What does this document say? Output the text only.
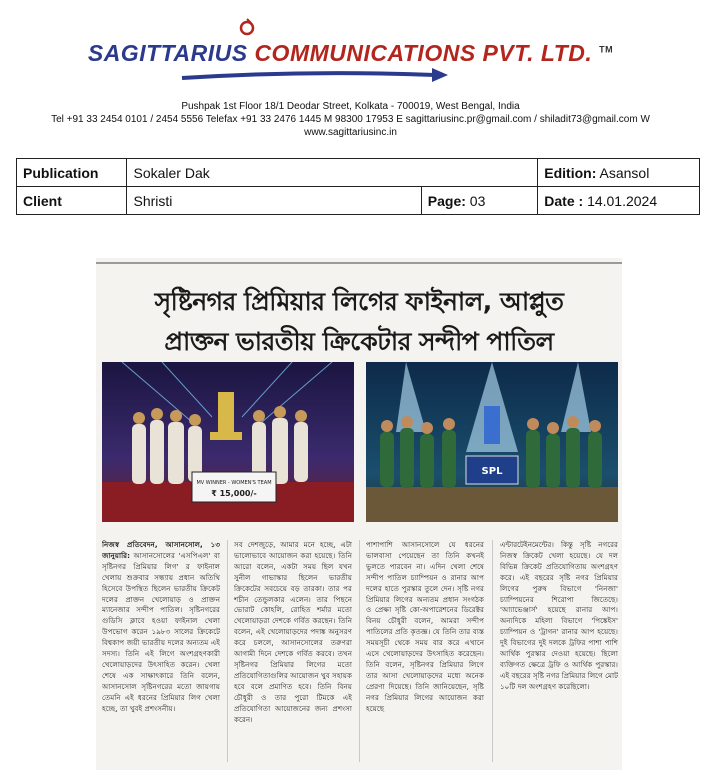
SAGITTARIUS COMMUNICATIONS PVT. LTD. ™
Pushpak 1st Floor 18/1 Deodar Street, Kolkata - 700019, West Bengal, India
Tel +91 33 2454 0101 / 2454 5556 Telefax +91 33 2476 1445 M 98300 17953 E sagittariusinc.pr@gmail.com / shiladit73@gmail.com W
www.sagittariusinc.in
Publication	Sokaler Dak		Edition: Asansol
Client	Shristi	Page: 03	Date : 14.01.2024
সৃষ্টিনগর প্রিমিয়ার লিগের ফাইনাল, আপ্লুত
প্রাক্তন ভারতীয় ক্রিকেটার সন্দীপ পাতিল
MV WINNER - WOMEN'S TEAM
₹ 15,000/-
SPL
নিজস্ব প্রতিবেদন, আসানসোল, ১৩ জানুয়ারি: আসানসোলের 'এসপিএল' বা সৃষ্টিনগর প্রিমিয়ার লিগ' র ফাইনাল খেলায় শুক্রবার সন্ধ্যায় প্রধান অতিথি হিসেবে উপস্থিত ছিলেন ভারতীয় ক্রিকেট দলের প্রাক্তন খেলোয়াড় ও প্রাক্তন ম্যানেজার সন্দীপ পাতিল। সৃষ্টিনগরের গুডিসি ক্লাবে হওয়া ফাইনাল খেলা উপভোগ করেন ১৯৮৩ সালের ক্রিকেটে বিশ্বকাপ জয়ী ভারতীয় দলের অন্যতম এই সদস্য। তিনি এই লিগে অংশগ্রহণকারী খেলোয়াড়দের উৎসাহিত করেন। খেলা শেষে এক সাক্ষাৎকারে তিনি বলেন, আসানসোল সৃষ্টিনগরের মতো জায়গায় তেমনি এই ধরনের প্রিমিয়ার লিগ খেলা হচ্ছে, তা খুবই প্রশংসনীয়।
সব দেশজুড়ে, আমার মনে হচ্ছে, এটা ভালোভাবে আয়োজন করা হয়েছে। তিনি আরো বলেন, একটা সময় ছিল যখন সুনীল গাভাস্কার ছিলেন ভারতীয় ক্রিকেটের সবচেয়ে বড় তারকা। তার পর শচীন তেন্ডুলকার এলেন। তার পিছনে ভোরাট কোহলি, রোহিত শর্মার মতো খেলোয়াড়রা দেশকে গর্বিত করছেন। তিনি বলেন, এই খেলোয়াড়দের পদাঙ্ক অনুসরণ করে চললে, আসানসোলের তরুণরা আগামী দিনে দেশকে গর্বিত করবে। তখন সৃষ্টিনগর প্রিমিয়ার লিগের মতো প্রতিযোগিতাগুলির আয়োজন খুব সহায়ক হবে বলে প্রমাণিত হবে। তিনি বিনয় চৌধুরী ও তার পুরো টিমকে এই প্রতিযোগিতা আয়োজনের জন্য প্রশংসা করেন।
পাশাপাশি আসানসোলে যে ধরনের ভালবাসা পেয়েছেন তা তিনি কখনই ভুলতে পারবেন না। এদিন খেলা শেষে সন্দীপ পাতিল চ্যাম্পিয়ন ও রানার আপ দলের হাতে পুরস্কার তুলে দেন। সৃষ্টি নগর প্রিমিয়ার লিগের অন্যতম প্রধান সংগঠক ও প্রেক্ষা সৃষ্টি কো-অপারেশনের ডিরেক্টর বিনয় চৌধুরী বলেন, আমরা সন্দীপ পাতিলের প্রতি কৃতজ্ঞ। যে তিনি তার ব্যস্ত সময়সূচী থেকে সময় বার করে এখানে এসে খেলোয়াড়দের উৎসাহিত করেছেন। তিনি বলেন, সৃষ্টিনগর প্রিমিয়ার লিগে তার আসা খেলোয়াড়দের মধ্যে অনেক প্রেরণা দিয়েছে। তিনি জানিয়েছেন, সৃষ্টি নগর প্রিমিয়ার লিগের আয়োজন করা হয়েছে
এন্টারটেইনমেন্টের। কিন্তু সৃষ্টি নগরের নিজস্ব ক্রিকেট খেলা হয়েছে। যে দল বিভিন্ন ক্রিকেট প্রতিযোগিতায় অংশগ্রহণ করে। এই বছরের সৃষ্টি নগর প্রিমিয়ার লিগের পুরুষ বিভাগে 'নিনজা' চ্যাম্পিয়নের শিরোপা জিতেছে। 'আ্যাভেঞ্জার্স' হয়েছে রানার আপ। অন্যদিকে মহিলা বিভাগে 'পিঙ্কেইস' চ্যাম্পিয়ন ও 'ট্রাগন' রানার আপ হয়েছে। দুই বিভাগের দুই দলকে ট্রফির পাশা পাশি আর্থিক পুরস্কার দেওয়া হয়েছে। ছিলো ব্যক্তিগত ক্ষেত্রে ট্রফি ও আর্থিক পুরস্কার। এই বছরের সৃষ্টি নগর প্রিমিয়ার লিগে মোট ১০টি দল অংশগ্রহণ করেছিলো।
